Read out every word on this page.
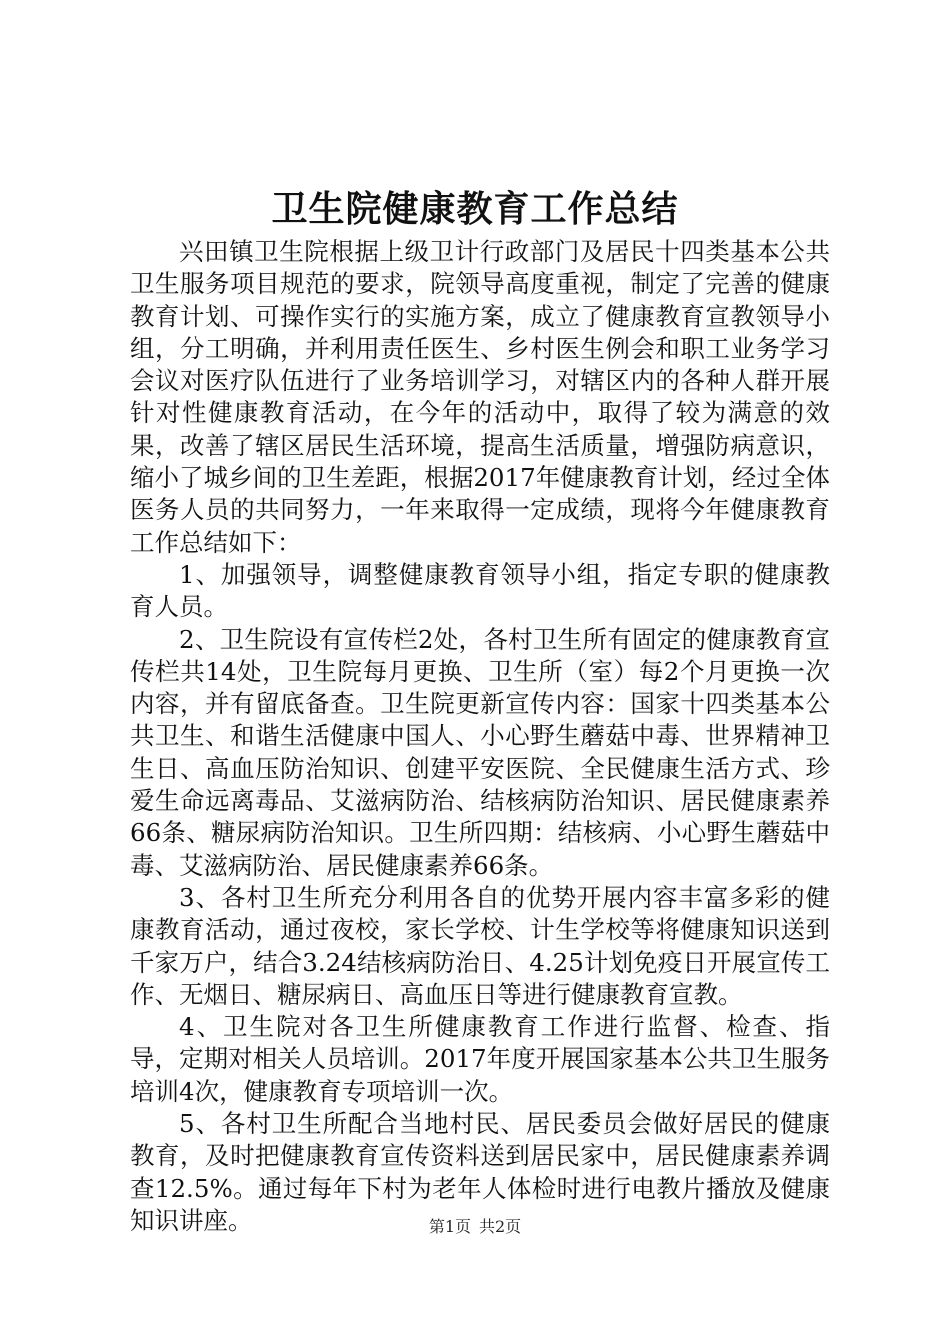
卫生院健康教育工作总结

兴田镇卫生院根据上级卫计行政部门及居民十四类基本公共卫生服务项目规范的要求，院领导高度重视，制定了完善的健康教育计划、可操作实行的实施方案，成立了健康教育宣教领导小组，分工明确，并利用责任医生、乡村医生例会和职工业务学习会议对医疗队伍进行了业务培训学习，对辖区内的各种人群开展针对性健康教育活动，在今年的活动中，取得了较为满意的效果，改善了辖区居民生活环境，提高生活质量，增强防病意识，缩小了城乡间的卫生差距，根据2017年健康教育计划，经过全体医务人员的共同努力，一年来取得一定成绩，现将今年健康教育工作总结如下：

1、加强领导，调整健康教育领导小组，指定专职的健康教育人员。

2、卫生院设有宣传栏2处，各村卫生所有固定的健康教育宣传栏共14处，卫生院每月更换、卫生所（室）每2个月更换一次内容，并有留底备查。卫生院更新宣传内容：国家十四类基本公共卫生、和谐生活健康中国人、小心野生蘑菇中毒、世界精神卫生日、高血压防治知识、创建平安医院、全民健康生活方式、珍爱生命远离毒品、艾滋病防治、结核病防治知识、居民健康素养66条、糖尿病防治知识。卫生所四期：结核病、小心野生蘑菇中毒、艾滋病防治、居民健康素养66条。

3、各村卫生所充分利用各自的优势开展内容丰富多彩的健康教育活动，通过夜校，家长学校、计生学校等将健康知识送到千家万户，结合3.24结核病防治日、4.25计划免疫日开展宣传工作、无烟日、糖尿病日、高血压日等进行健康教育宣教。

4、卫生院对各卫生所健康教育工作进行监督、检查、指导，定期对相关人员培训。2017年度开展国家基本公共卫生服务培训4次，健康教育专项培训一次。

5、各村卫生所配合当地村民、居民委员会做好居民的健康教育，及时把健康教育宣传资料送到居民家中，居民健康素养调查12.5%。通过每年下村为老年人体检时进行电教片播放及健康知识讲座。	第1页 共2页
